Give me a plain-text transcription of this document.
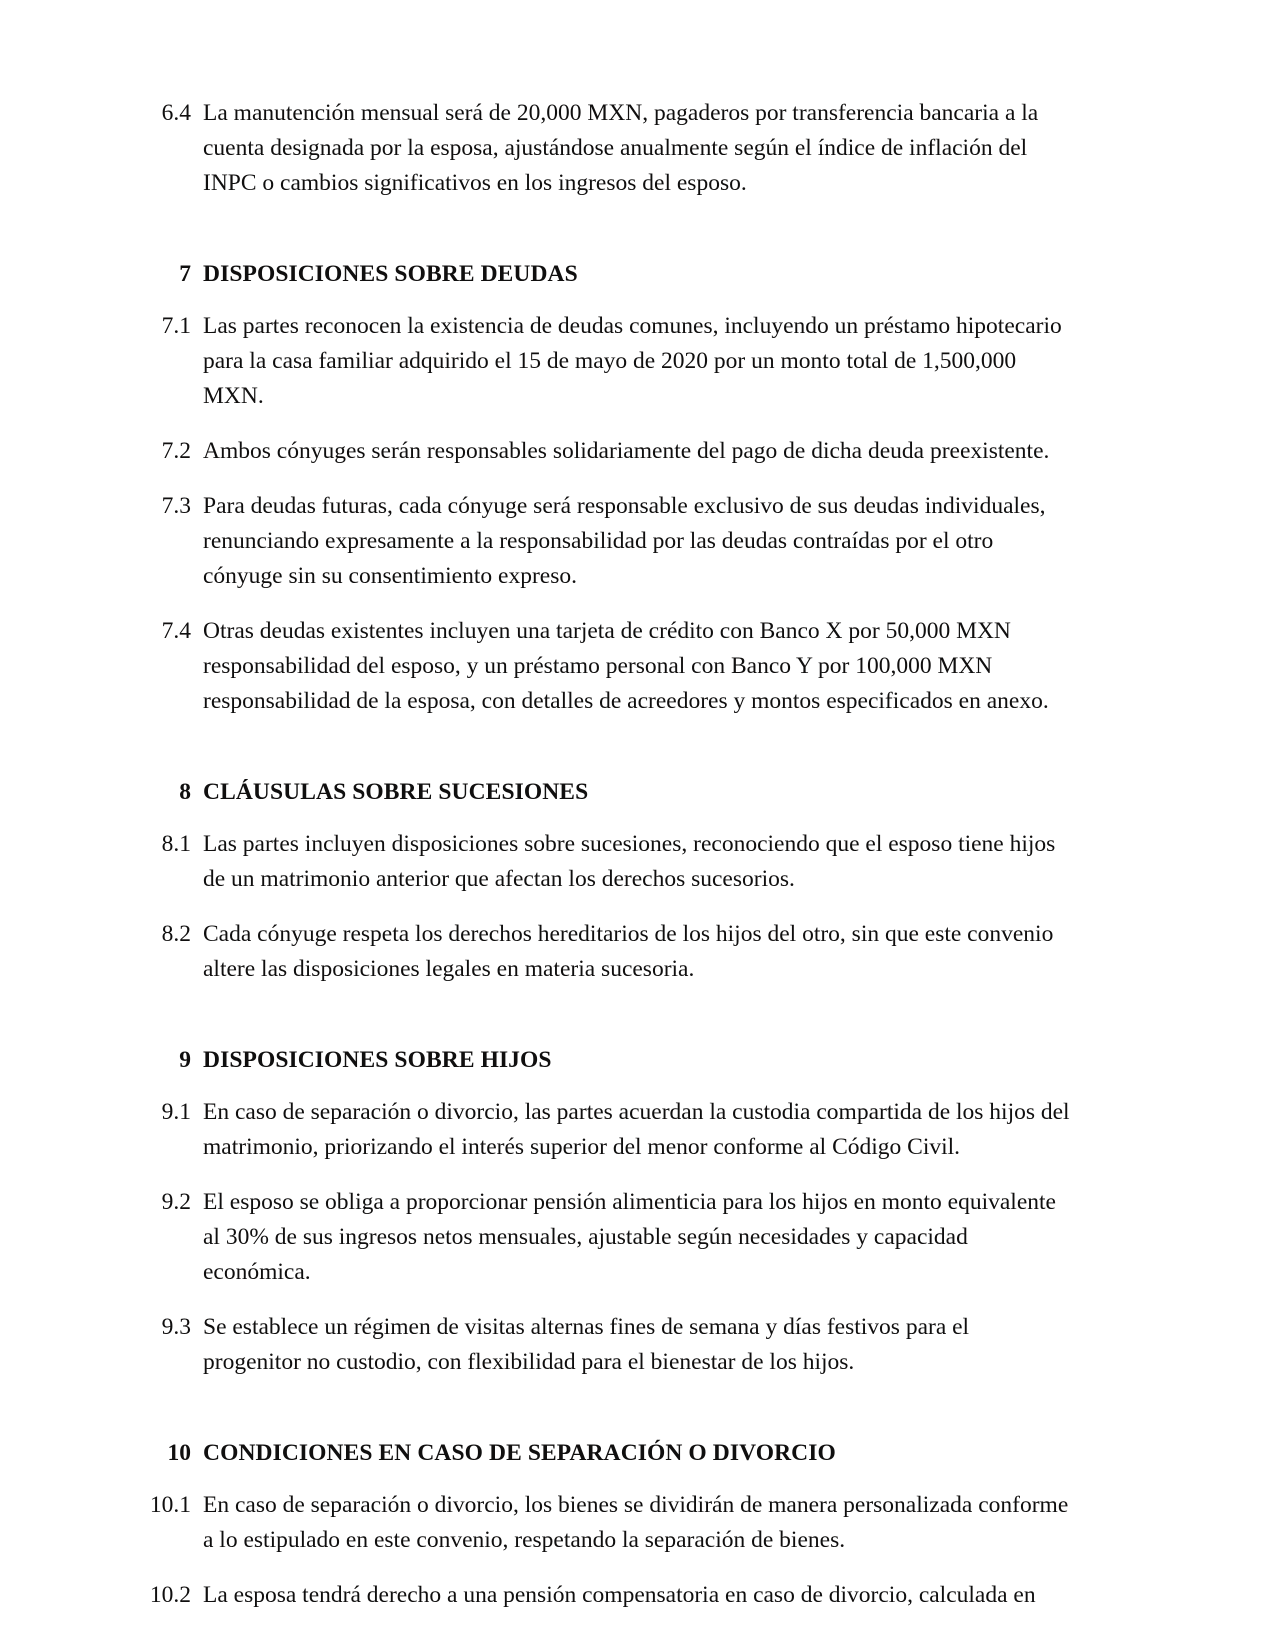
6.4 La manutención mensual será de 20,000 MXN, pagaderos por transferencia bancaria a la cuenta designada por la esposa, ajustándose anualmente según el índice de inflación del INPC o cambios significativos en los ingresos del esposo.
7 DISPOSICIONES SOBRE DEUDAS
7.1 Las partes reconocen la existencia de deudas comunes, incluyendo un préstamo hipotecario para la casa familiar adquirido el 15 de mayo de 2020 por un monto total de 1,500,000 MXN.
7.2 Ambos cónyuges serán responsables solidariamente del pago de dicha deuda preexistente.
7.3 Para deudas futuras, cada cónyuge será responsable exclusivo de sus deudas individuales, renunciando expresamente a la responsabilidad por las deudas contraídas por el otro cónyuge sin su consentimiento expreso.
7.4 Otras deudas existentes incluyen una tarjeta de crédito con Banco X por 50,000 MXN responsabilidad del esposo, y un préstamo personal con Banco Y por 100,000 MXN responsabilidad de la esposa, con detalles de acreedores y montos especificados en anexo.
8 CLÁUSULAS SOBRE SUCESIONES
8.1 Las partes incluyen disposiciones sobre sucesiones, reconociendo que el esposo tiene hijos de un matrimonio anterior que afectan los derechos sucesorios.
8.2 Cada cónyuge respeta los derechos hereditarios de los hijos del otro, sin que este convenio altere las disposiciones legales en materia sucesoria.
9 DISPOSICIONES SOBRE HIJOS
9.1 En caso de separación o divorcio, las partes acuerdan la custodia compartida de los hijos del matrimonio, priorizando el interés superior del menor conforme al Código Civil.
9.2 El esposo se obliga a proporcionar pensión alimenticia para los hijos en monto equivalente al 30% de sus ingresos netos mensuales, ajustable según necesidades y capacidad económica.
9.3 Se establece un régimen de visitas alternas fines de semana y días festivos para el progenitor no custodio, con flexibilidad para el bienestar de los hijos.
10 CONDICIONES EN CASO DE SEPARACIÓN O DIVORCIO
10.1 En caso de separación o divorcio, los bienes se dividirán de manera personalizada conforme a lo estipulado en este convenio, respetando la separación de bienes.
10.2 La esposa tendrá derecho a una pensión compensatoria en caso de divorcio, calculada en
